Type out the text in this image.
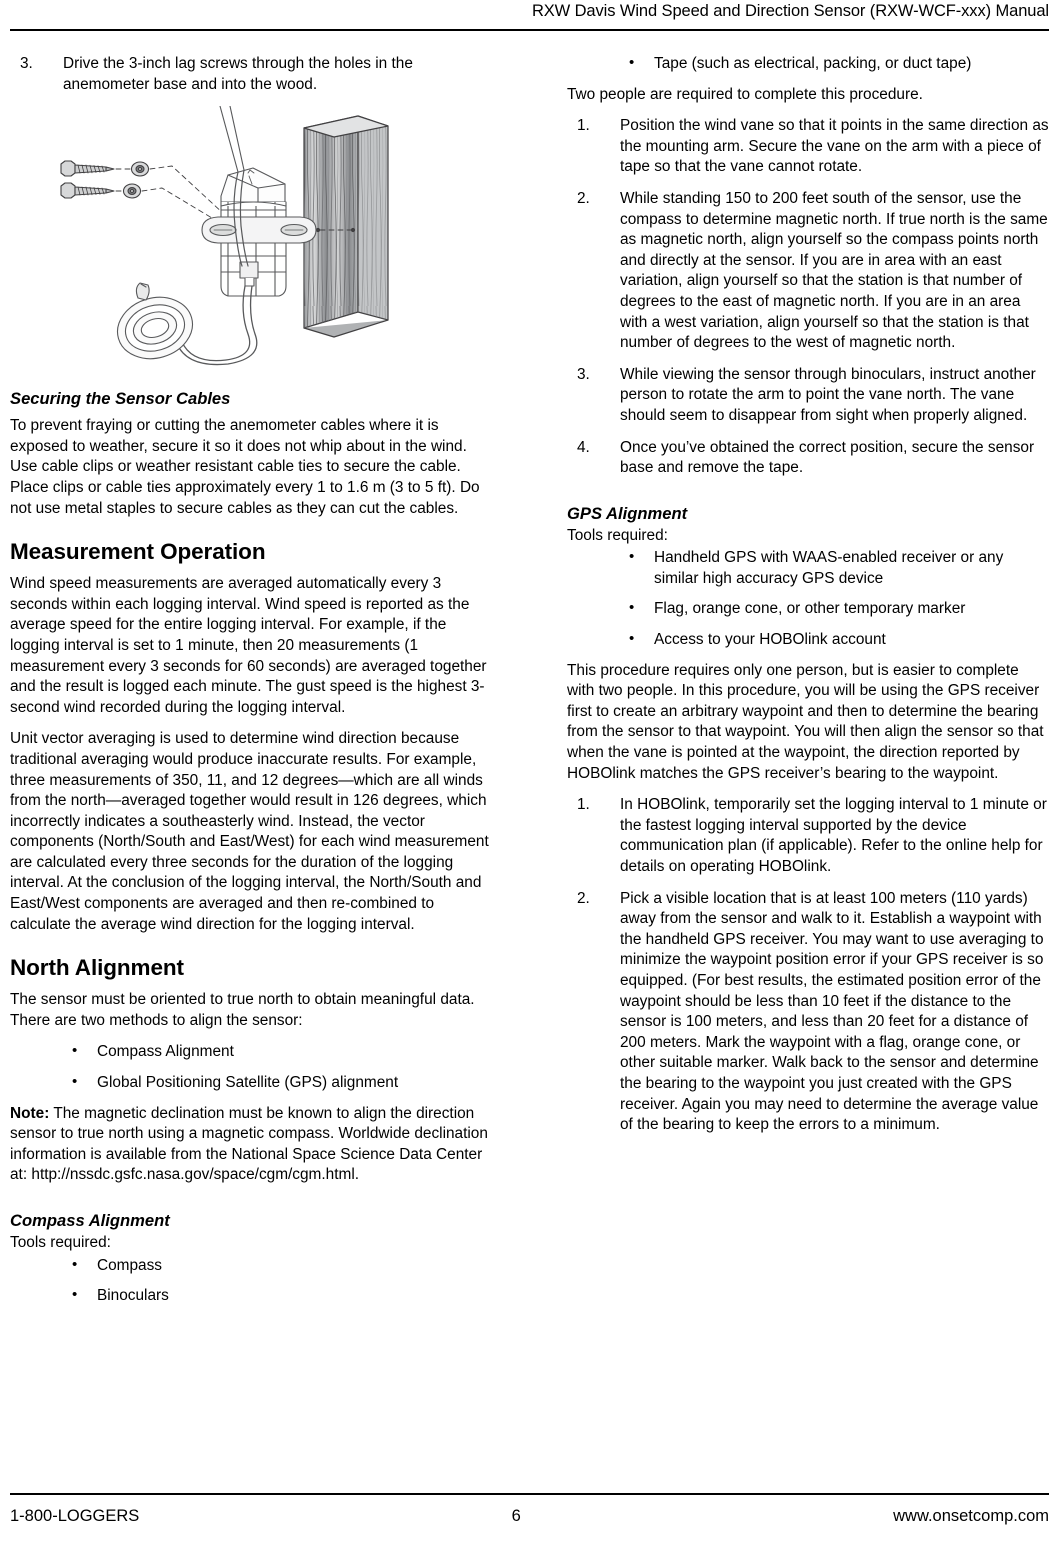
RXW Davis Wind Speed and Direction Sensor (RXW-WCF-xxx) Manual
3.	Drive the 3-inch lag screws through the holes in the anemometer base and into the wood.
Securing the Sensor Cables

To prevent fraying or cutting the anemometer cables where it is exposed to weather, secure it so it does not whip about in the wind. Use cable clips or weather resistant cable ties to secure the cable. Place clips or cable ties approximately every 1 to 1.6 m (3 to 5 ft). Do not use metal staples to secure cables as they can cut the cables.

Measurement Operation

Wind speed measurements are averaged automatically every 3 seconds within each logging interval. Wind speed is reported as the average speed for the entire logging interval. For example, if the logging interval is set to 1 minute, then 20 measurements (1 measurement every 3 seconds for 60 seconds) are averaged together and the result is logged each minute. The gust speed is the highest 3-second wind recorded during the logging interval.

Unit vector averaging is used to determine wind direction because traditional averaging would produce inaccurate results. For example, three measurements of 350, 11, and 12 degrees—which are all winds from the north—averaged together would result in 126 degrees, which incorrectly indicates a southeasterly wind. Instead, the vector components (North/South and East/West) for each wind measurement are calculated every three seconds for the duration of the logging interval. At the conclusion of the logging interval, the North/South and East/West components are averaged and then re-combined to calculate the average wind direction for the logging interval.

North Alignment

The sensor must be oriented to true north to obtain meaningful data. There are two methods to align the sensor:

• Compass Alignment
• Global Positioning Satellite (GPS) alignment

Note: The magnetic declination must be known to align the direction sensor to true north using a magnetic compass. Worldwide declination information is available from the National Space Science Data Center at: http://nssdc.gsfc.nasa.gov/space/cgm/cgm.html.

Compass Alignment

Tools required:

• Compass
• Binoculars
• Tape (such as electrical, packing, or duct tape)

Two people are required to complete this procedure.

1.	Position the wind vane so that it points in the same direction as the mounting arm. Secure the vane on the arm with a piece of tape so that the vane cannot rotate.
2.	While standing 150 to 200 feet south of the sensor, use the compass to determine magnetic north. If true north is the same as magnetic north, align yourself so the compass points north and directly at the sensor. If you are in area with an east variation, align yourself so that the station is that number of degrees to the east of magnetic north. If you are in an area with a west variation, align yourself so that the station is that number of degrees to the west of magnetic north.
3.	While viewing the sensor through binoculars, instruct another person to rotate the arm to point the vane north. The vane should seem to disappear from sight when properly aligned.
4.	Once you’ve obtained the correct position, secure the sensor base and remove the tape.
GPS Alignment

Tools required:

• Handheld GPS with WAAS-enabled receiver or any similar high accuracy GPS device
• Flag, orange cone, or other temporary marker
• Access to your HOBOlink account

This procedure requires only one person, but is easier to complete with two people. In this procedure, you will be using the GPS receiver first to create an arbitrary waypoint and then to determine the bearing from the sensor to that waypoint. You will then align the sensor so that when the vane is pointed at the waypoint, the direction reported by HOBOlink matches the GPS receiver’s bearing to the waypoint.

1.	In HOBOlink, temporarily set the logging interval to 1 minute or the fastest logging interval supported by the device communication plan (if applicable). Refer to the online help for details on operating HOBOlink.
2.	Pick a visible location that is at least 100 meters (110 yards) away from the sensor and walk to it. Establish a waypoint with the handheld GPS receiver. You may want to use averaging to minimize the waypoint position error if your GPS receiver is so equipped. (For best results, the estimated position error of the waypoint should be less than 10 feet if the distance to the sensor is 100 meters, and less than 20 feet for a distance of 200 meters. Mark the waypoint with a flag, orange cone, or other suitable marker. Walk back to the sensor and determine the bearing to the waypoint you just created with the GPS receiver. Again you may need to determine the average value of the bearing to keep the errors to a minimum.
1-800-LOGGERS	6	www.onsetcomp.com
